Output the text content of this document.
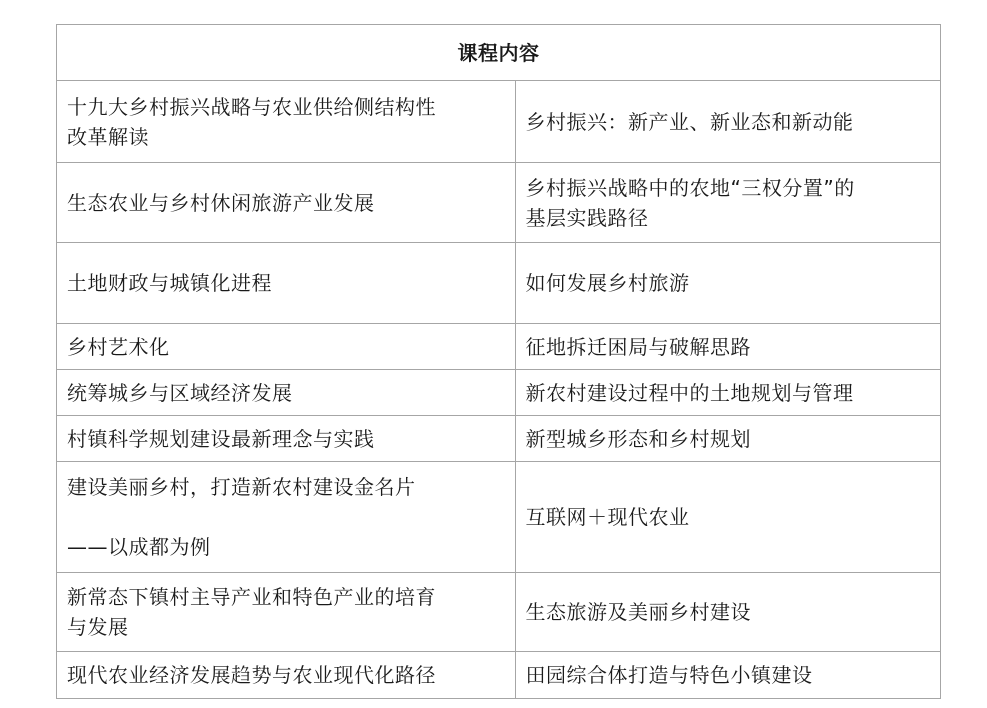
课程内容	

十九大乡村振兴战略与农业供给侧结构性
改革解读	乡村振兴：新产业、新业态和新动能

生态农业与乡村休闲旅游产业发展	乡村振兴战略中的农地“三权分置”的
基层实践路径

土地财政与城镇化进程	如何发展乡村旅游

乡村艺术化	征地拆迁困局与破解思路

统筹城乡与区域经济发展	新农村建设过程中的土地规划与管理

村镇科学规划建设最新理念与实践	新型城乡形态和乡村规划

建设美丽乡村，打造新农村建设金名片
——以成都为例	互联网＋现代农业

新常态下镇村主导产业和特色产业的培育
与发展	生态旅游及美丽乡村建设

现代农业经济发展趋势与农业现代化路径	田园综合体打造与特色小镇建设
